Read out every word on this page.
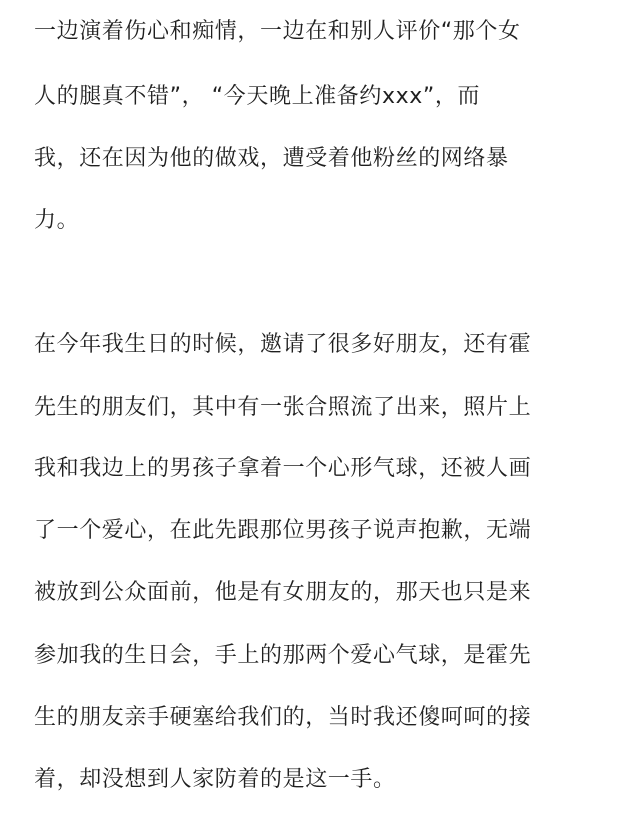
一边演着伤心和痴情，一边在和别人评价“那个女
人的腿真不错”， “今天晚上准备约xxx”，而
我，还在因为他的做戏，遭受着他粉丝的网络暴
力。
在今年我生日的时候，邀请了很多好朋友，还有霍
先生的朋友们，其中有一张合照流了出来，照片上
我和我边上的男孩子拿着一个心形气球，还被人画
了一个爱心，在此先跟那位男孩子说声抱歉，无端
被放到公众面前，他是有女朋友的，那天也只是来
参加我的生日会，手上的那两个爱心气球，是霍先
生的朋友亲手硬塞给我们的，当时我还傻呵呵的接
着，却没想到人家防着的是这一手。
